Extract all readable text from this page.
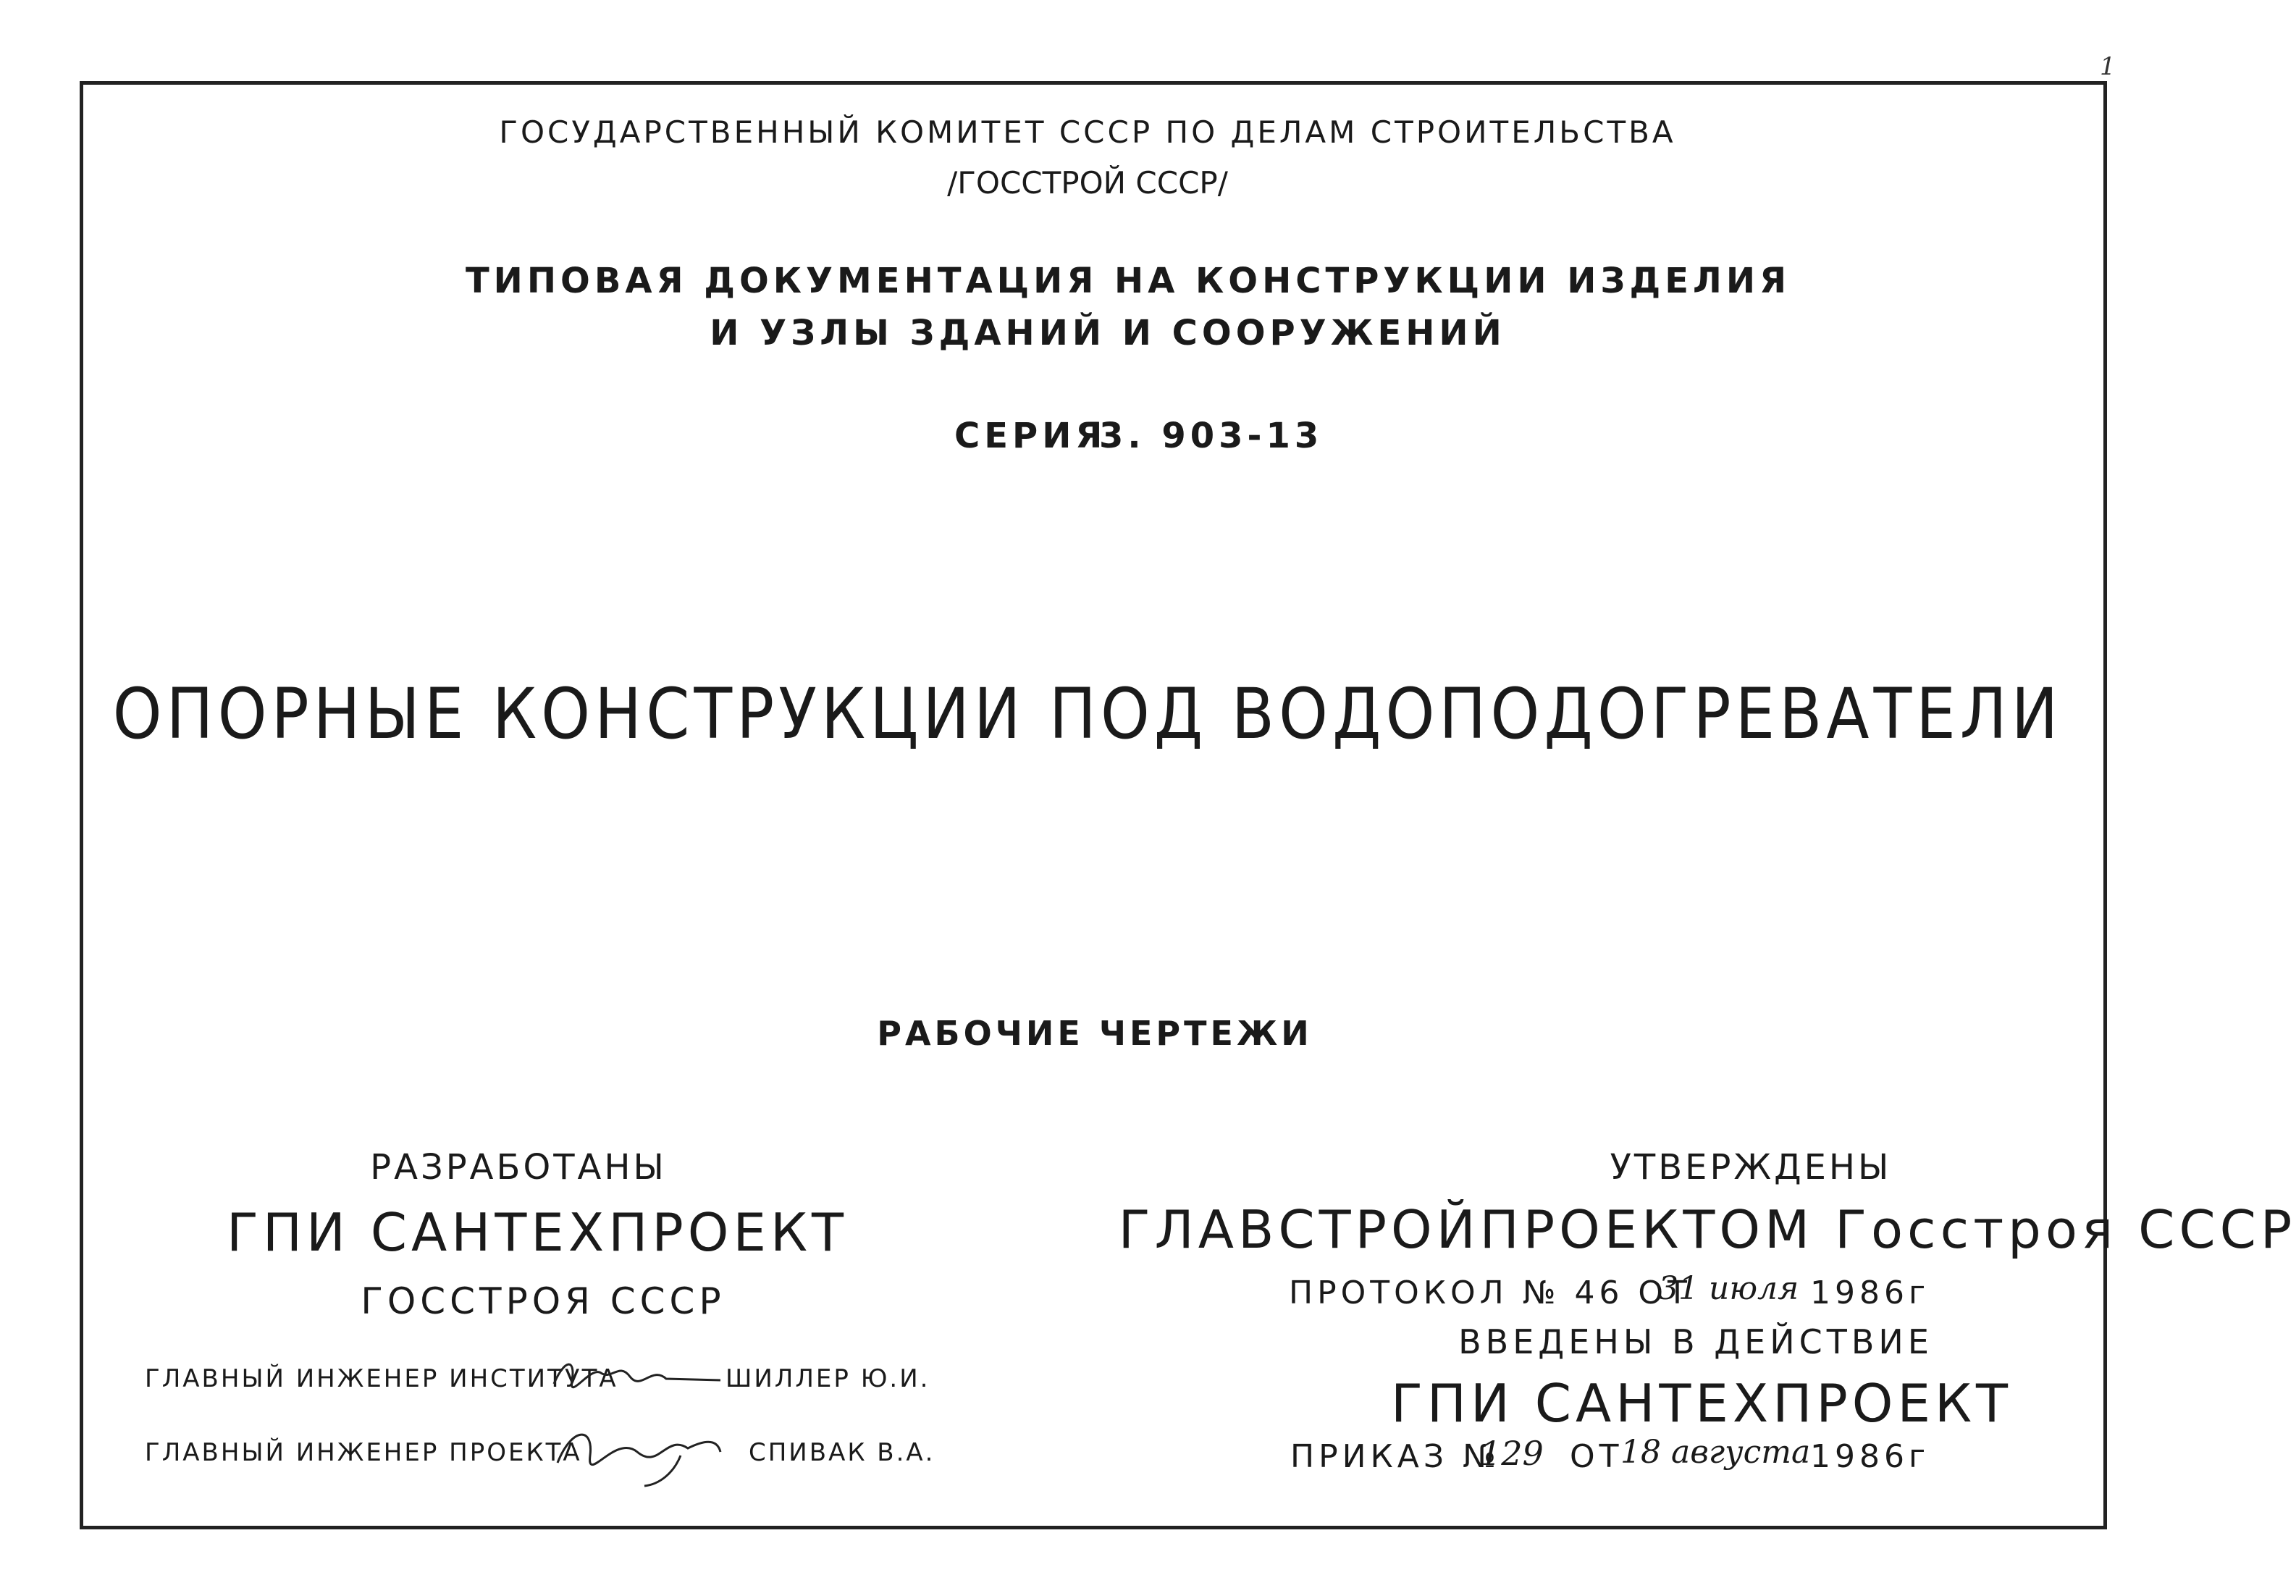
1
ГОСУДАРСТВЕННЫЙ КОМИТЕТ СССР ПО ДЕЛАМ СТРОИТЕЛЬСТВА
/ГОССТРОЙ СССР/
ТИПОВАЯ ДОКУМЕНТАЦИЯ НА КОНСТРУКЦИИ ИЗДЕЛИЯ
И УЗЛЫ ЗДАНИЙ И СООРУЖЕНИЙ
СЕРИЯ
3. 903-13
ОПОРНЫЕ КОНСТРУКЦИИ ПОД ВОДОПОДОГРЕВАТЕЛИ
РАБОЧИЕ ЧЕРТЕЖИ
РАЗРАБОТАНЫ
ГПИ САНТЕХПРОЕКТ
ГОССТРОЯ СССР
ГЛАВНЫЙ ИНЖЕНЕР ИНСТИТУТА	ШИЛЛЕР Ю.И.
ГЛАВНЫЙ ИНЖЕНЕР ПРОЕКТА	СПИВАК В.А.
УТВЕРЖДЕНЫ
ГЛАВСТРОЙПРОЕКТОМ Госстроя СССР
ПРОТОКОЛ № 46 ОТ
31 июля 1986г
ВВЕДЕНЫ В ДЕЙСТВИЕ
ГПИ САНТЕХПРОЕКТ
ПРИКАЗ №
129 ОТ
18 августа 1986г
